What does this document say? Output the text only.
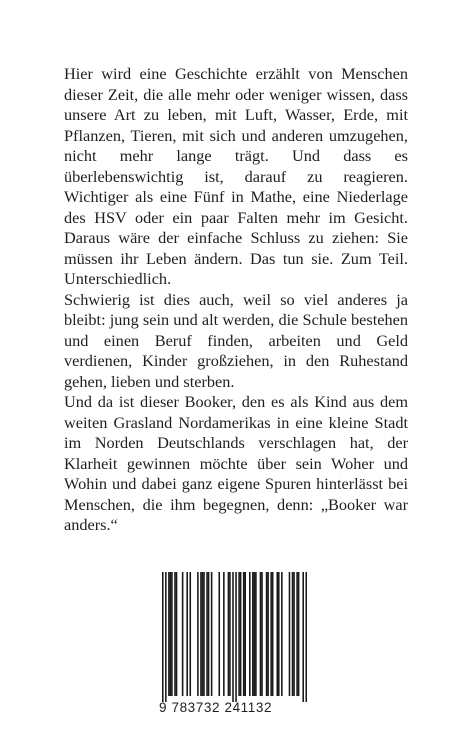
Hier wird eine Geschichte erzählt von Menschen dieser Zeit, die alle mehr oder weniger wissen, dass unsere Art zu leben, mit Luft, Wasser, Erde, mit Pflanzen, Tieren, mit sich und anderen umzugehen, nicht mehr lange trägt. Und dass es überlebenswichtig ist, darauf zu reagieren. Wichtiger als eine Fünf in Mathe, eine Niederlage des HSV oder ein paar Falten mehr im Gesicht. Daraus wäre der einfache Schluss zu ziehen: Sie müssen ihr Leben ändern. Das tun sie. Zum Teil. Unterschiedlich.

Schwierig ist dies auch, weil so viel anderes ja bleibt: jung sein und alt werden, die Schule bestehen und einen Beruf finden, arbeiten und Geld verdienen, Kinder großziehen, in den Ruhestand gehen, lieben und sterben.

Und da ist dieser Booker, den es als Kind aus dem weiten Grasland Nordamerikas in eine kleine Stadt im Norden Deutschlands verschlagen hat, der Klarheit gewinnen möchte über sein Woher und Wohin und dabei ganz eigene Spuren hinterlässt bei Menschen, die ihm begegnen, denn: „Booker war anders.“

9 783732 241132
